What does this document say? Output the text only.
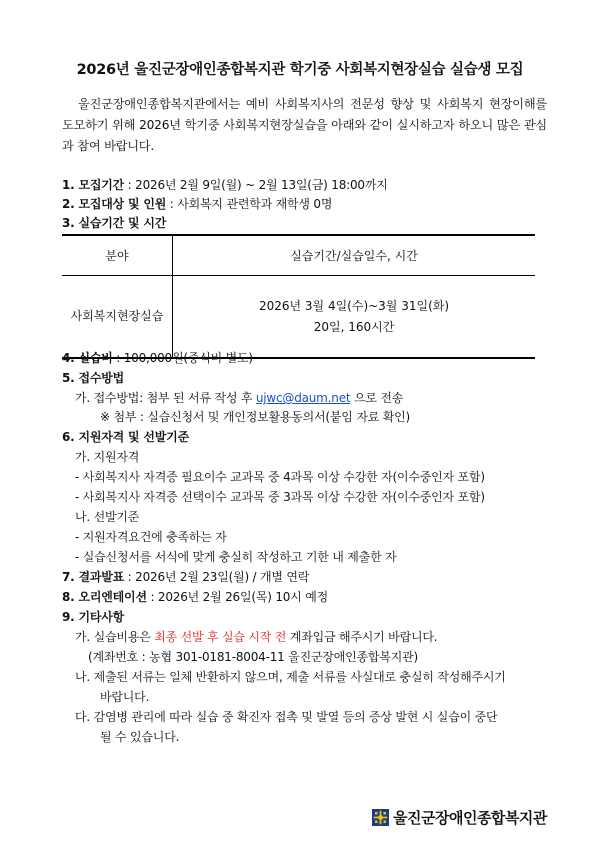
2026년 울진군장애인종합복지관 학기중 사회복지현장실습 실습생 모집
울진군장애인종합복지관에서는 예비 사회복지사의 전문성 향상 및 사회복지 현장이해를 도모하기 위해 2026년 학기중 사회복지현장실습을 아래와 같이 실시하고자 하오니 많은 관심과 참여 바랍니다.
1. 모집기간 : 2026년 2월 9일(월) ~ 2월 13일(금) 18:00까지
2. 모집대상 및 인원 : 사회복지 관련학과 재학생 0명
3. 실습기간 및 시간
분야	실습기간/실습일수, 시간
사회복지현장실습	2026년 3월 4일(수)~3월 31일(화)
20일, 160시간
4. 실습비 : 100,000원(중식비 별도)
5. 접수방법
가. 접수방법: 첨부 된 서류 작성 후 ujwc@daum.net 으로 전송
※ 첨부 : 실습신청서 및 개인정보활용동의서(붙임 자료 확인)
6. 지원자격 및 선발기준
가. 지원자격
- 사회복지사 자격증 필요이수 교과목 중 4과목 이상 수강한 자(이수중인자 포함)
- 사회복지사 자격증 선택이수 교과목 중 3과목 이상 수강한 자(이수중인자 포함)
나. 선발기준
- 지원자격요건에 충족하는 자
- 실습신청서를 서식에 맞게 충실히 작성하고 기한 내 제출한 자
7. 결과발표 : 2026년 2월 23일(월) / 개별 연락
8. 오리엔테이션 : 2026년 2월 26일(목) 10시 예정
9. 기타사항
가. 실습비용은 최종 선발 후 실습 시작 전 계좌입금 해주시기 바랍니다.
(계좌번호 : 농협 301-0181-8004-11 울진군장애인종합복지관)
나. 제출된 서류는 일체 반환하지 않으며, 제출 서류를 사실대로 충실히 작성해주시기
바랍니다.
다. 감염병 관리에 따라 실습 중 확진자 접촉 및 발열 등의 증상 발현 시 실습이 중단
될 수 있습니다.
울진군장애인종합복지관
